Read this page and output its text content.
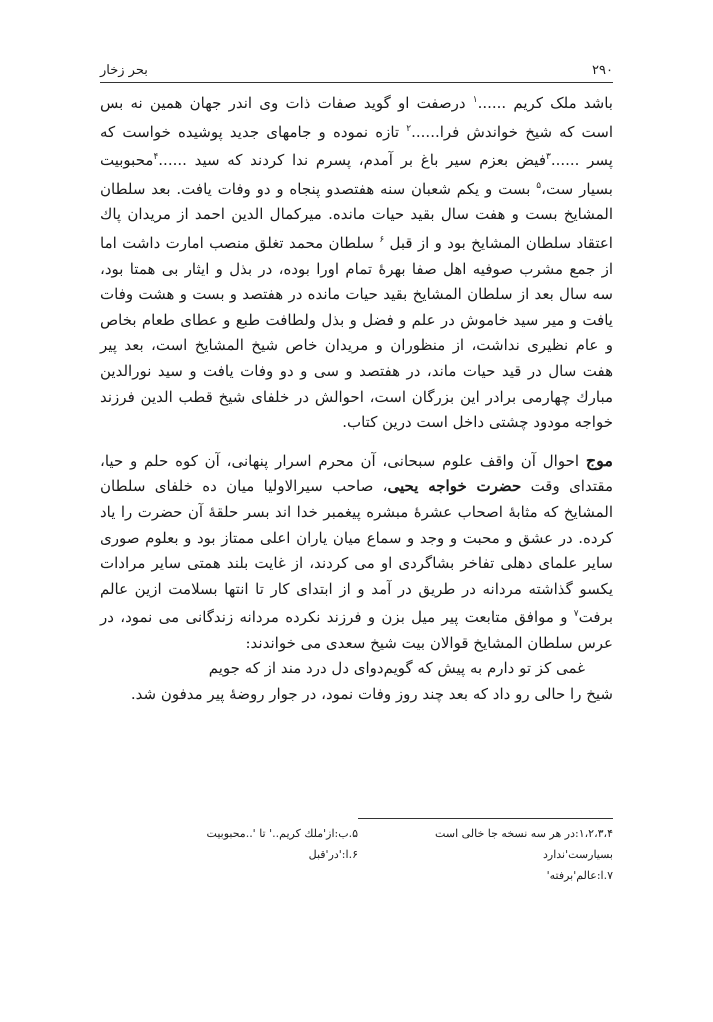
۲۹۰
بحر زخار

باشد ملک کریم ......$^۱$ درصفت او گوید صفات ذات وی اندر جهان همین نه بس است که شیخ خواندش فرا......$^۲$ تازه نموده و جامهای جدید پوشیده خواست که پسر ......$^۳$فیض بعزم سیر باغ بر آمدم، پسرم ندا کردند که سید ......$^۴$محبوبیت بسیار ست،$^۵$ بست و یکم شعبان سنه هفتصدو پنجاه و دو وفات یافت. بعد سلطان المشایخ بست و هفت سال بقید حیات مانده. میرکمال الدین احمد از مریدان پاك اعتقاد سلطان المشایخ بود و از قبل $^۶$ سلطان محمد تغلق منصب امارت داشت اما از جمع مشرب صوفیه اهل صفا بهرهٔ تمام اورا بوده، در بذل و ایثار بی همتا بود، سه سال بعد از سلطان المشایخ بقید حیات مانده در هفتصد و بست و هشت وفات یافت و میر سید خاموش در علم و فضل و بذل ولطافت طبع و عطای طعام بخاص و عام نظیری نداشت، از منظوران و مریدان خاص شیخ المشایخ است، بعد پیر هفت سال در قید حیات ماند، در هفتصد و سی و دو وفات یافت و سید نورالدین مبارك چهارمی برادر این بزرگان است، احوالش در خلفای شیخ قطب الدین فرزند خواجه مودود چشتی داخل است درین کتاب.

موج احوال آن واقف علوم سبحانی، آن محرم اسرار پنهانی، آن کوه حلم و حیا، مقتدای وقت حضرت خواجه یحیی، صاحب سیرالاولیا میان ده خلفای سلطان المشایخ که مثابهٔ اصحاب عشرهٔ مبشره پیغمبر خدا اند بسر حلقهٔ آن حضرت را یاد کرده. در عشق و محبت و وجد و سماع میان یاران اعلی ممتاز بود و بعلوم صوری سایر علمای دهلی تفاخر بشاگردی او می کردند، از غایت بلند همتی سایر مرادات یکسو گذاشته مردانه در طریق در آمد و از ابتدای کار تا انتها بسلامت ازین عالم برفت$^۷$ و موافق متابعت پیر میل بزن و فرزند نکرده مردانه زندگانی می نمود، در عرس سلطان المشایخ قوالان بیت شیخ سعدی می خواندند:

غمی کز تو دارم به پیش که گویم
دوای دل درد مند از که جویم

شیخ را حالی رو داد که بعد چند روز وفات نمود، در جوار روضهٔ پیر مدفون شد.

۱،۲،۳،۴:در هر سه نسخه جا خالی است
۵.ب:از'ملك کریم..' تا '..محبوبیت
بسیارست'ندارد
۶.ا:'در'قبل
۷.ا:عالم'برفته'
